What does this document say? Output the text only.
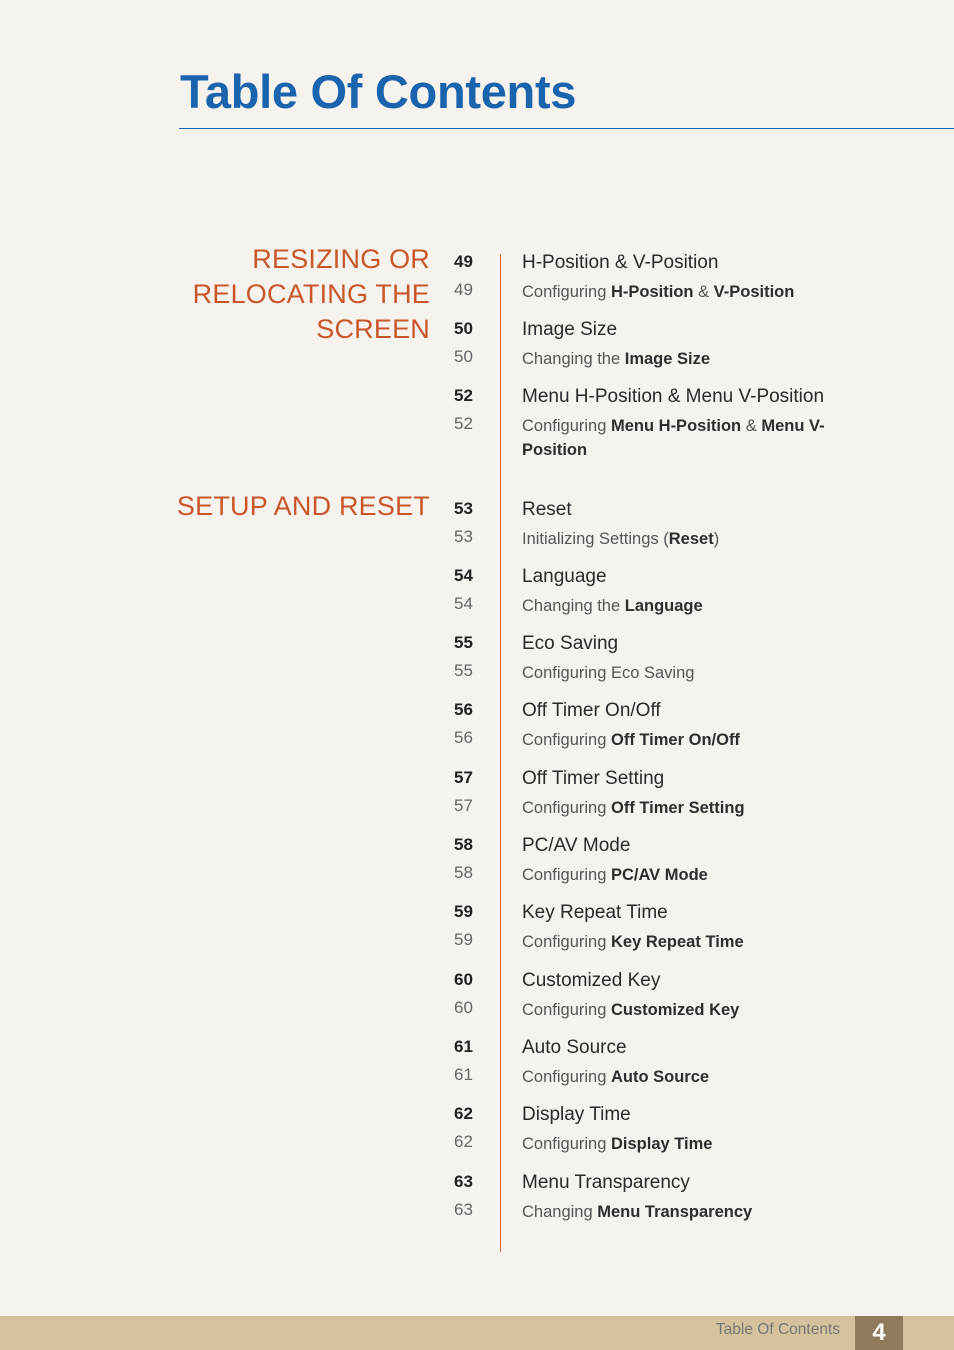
Table Of Contents
RESIZING OR
RELOCATING THE
SCREEN
SETUP AND RESET
49	H-Position & V-Position
49	Configuring H-Position & V-Position
50	Image Size
50	Changing the Image Size
52	Menu H-Position & Menu V-Position
52	Configuring Menu H-Position & Menu V-Position
53	Reset
53	Initializing Settings (Reset)
54	Language
54	Changing the Language
55	Eco Saving
55	Configuring Eco Saving
56	Off Timer On/Off
56	Configuring Off Timer On/Off
57	Off Timer Setting
57	Configuring Off Timer Setting
58	PC/AV Mode
58	Configuring PC/AV Mode
59	Key Repeat Time
59	Configuring Key Repeat Time
60	Customized Key
60	Configuring Customized Key
61	Auto Source
61	Configuring Auto Source
62	Display Time
62	Configuring Display Time
63	Menu Transparency
63	Changing Menu Transparency
Table Of Contents	4
